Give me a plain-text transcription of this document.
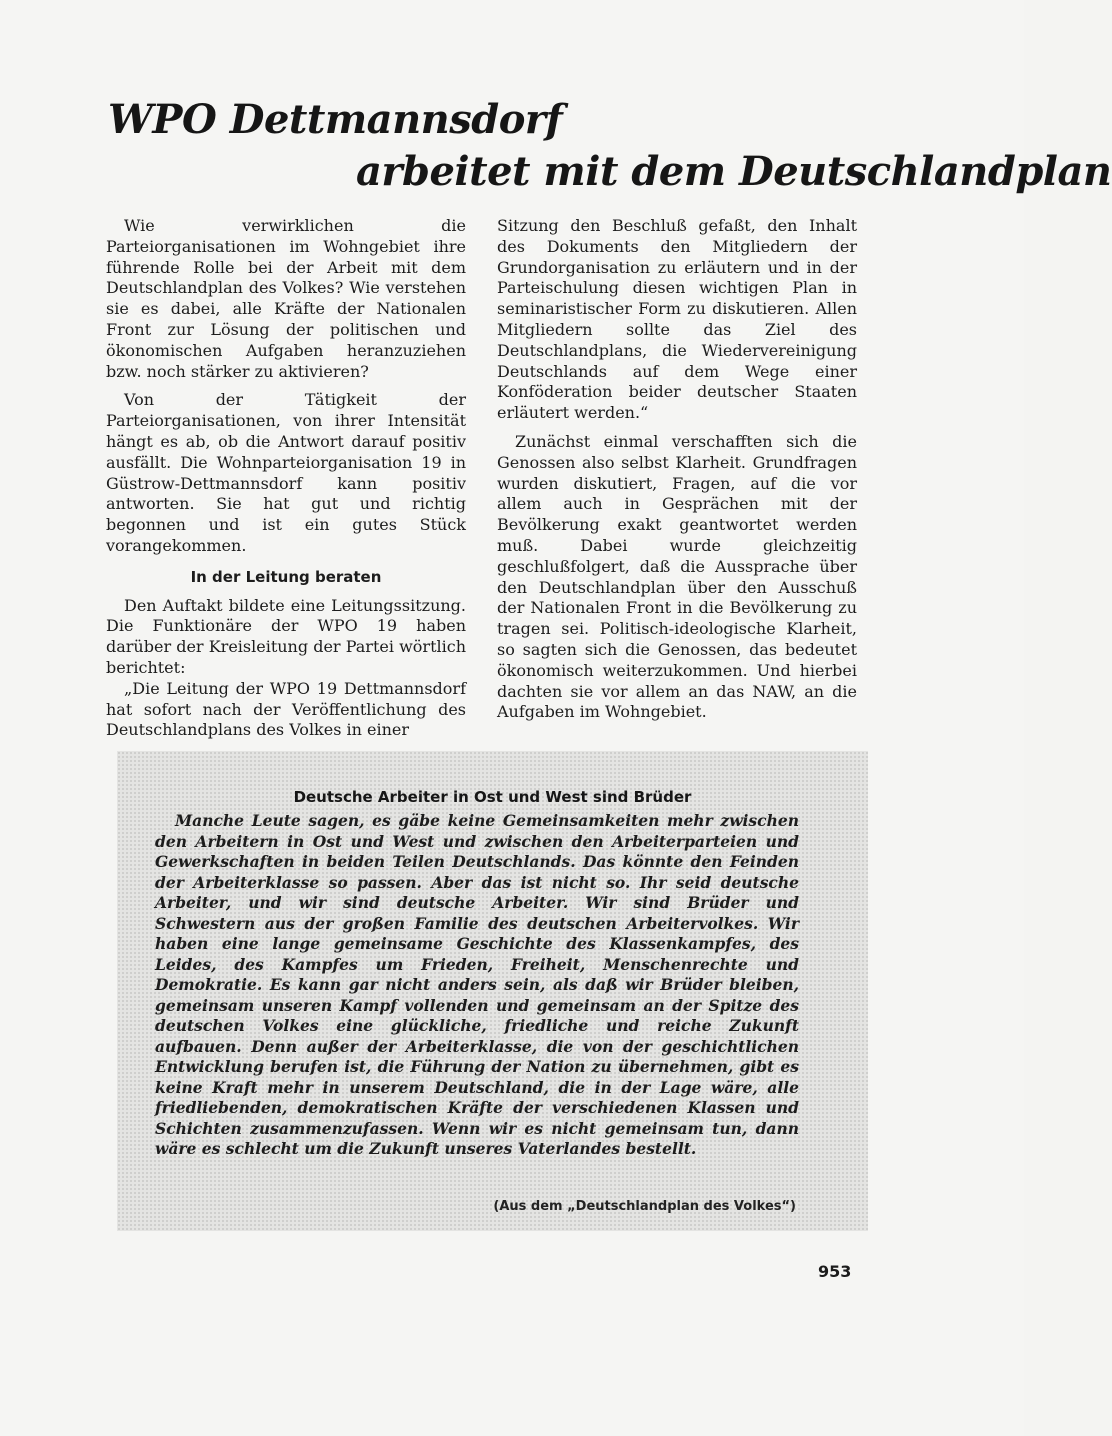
WPO Dettmannsdorf
arbeitet mit dem Deutschlandplan

Wie verwirklichen die Parteiorganisationen im Wohngebiet ihre führende Rolle bei der Arbeit mit dem Deutschlandplan des Volkes? Wie verstehen sie es dabei, alle Kräfte der Nationalen Front zur Lösung der politischen und ökonomischen Aufgaben heranzuziehen bzw. noch stärker zu aktivieren?

Von der Tätigkeit der Parteiorganisationen, von ihrer Intensität hängt es ab, ob die Antwort darauf positiv ausfällt. Die Wohnparteiorganisation 19 in Güstrow-Dettmannsdorf kann positiv antworten. Sie hat gut und richtig begonnen und ist ein gutes Stück vorangekommen.

In der Leitung beraten

Den Auftakt bildete eine Leitungssitzung. Die Funktionäre der WPO 19 haben darüber der Kreisleitung der Partei wörtlich berichtet:

„Die Leitung der WPO 19 Dettmannsdorf hat sofort nach der Veröffentlichung des Deutschlandplans des Volkes in einer

Sitzung den Beschluß gefaßt, den Inhalt des Dokuments den Mitgliedern der Grundorganisation zu erläutern und in der Parteischulung diesen wichtigen Plan in seminaristischer Form zu diskutieren. Allen Mitgliedern sollte das Ziel des Deutschlandplans, die Wiedervereinigung Deutschlands auf dem Wege einer Konföderation beider deutscher Staaten erläutert werden.“

Zunächst einmal verschafften sich die Genossen also selbst Klarheit. Grundfragen wurden diskutiert, Fragen, auf die vor allem auch in Gesprächen mit der Bevölkerung exakt geantwortet werden muß. Dabei wurde gleichzeitig geschlußfolgert, daß die Aussprache über den Deutschlandplan über den Ausschuß der Nationalen Front in die Bevölkerung zu tragen sei. Politisch-ideologische Klarheit, so sagten sich die Genossen, das bedeutet ökonomisch weiterzukommen. Und hierbei dachten sie vor allem an das NAW, an die Aufgaben im Wohngebiet.

Deutsche Arbeiter in Ost und West sind Brüder

Manche Leute sagen, es gäbe keine Gemeinsamkeiten mehr zwischen den Arbeitern in Ost und West und zwischen den Arbeiterparteien und Gewerkschaften in beiden Teilen Deutschlands. Das könnte den Feinden der Arbeiterklasse so passen. Aber das ist nicht so. Ihr seid deutsche Arbeiter, und wir sind deutsche Arbeiter. Wir sind Brüder und Schwestern aus der großen Familie des deutschen Arbeitervolkes. Wir haben eine lange gemeinsame Geschichte des Klassenkampfes, des Leides, des Kampfes um Frieden, Freiheit, Menschenrechte und Demokratie. Es kann gar nicht anders sein, als daß wir Brüder bleiben, gemeinsam unseren Kampf vollenden und gemeinsam an der Spitze des deutschen Volkes eine glückliche, friedliche und reiche Zukunft aufbauen. Denn außer der Arbeiterklasse, die von der geschichtlichen Entwicklung berufen ist, die Führung der Nation zu übernehmen, gibt es keine Kraft mehr in unserem Deutschland, die in der Lage wäre, alle friedliebenden, demokratischen Kräfte der verschiedenen Klassen und Schichten zusammenzufassen. Wenn wir es nicht gemeinsam tun, dann wäre es schlecht um die Zukunft unseres Vaterlandes bestellt.

(Aus dem „Deutschlandplan des Volkes“)
953
